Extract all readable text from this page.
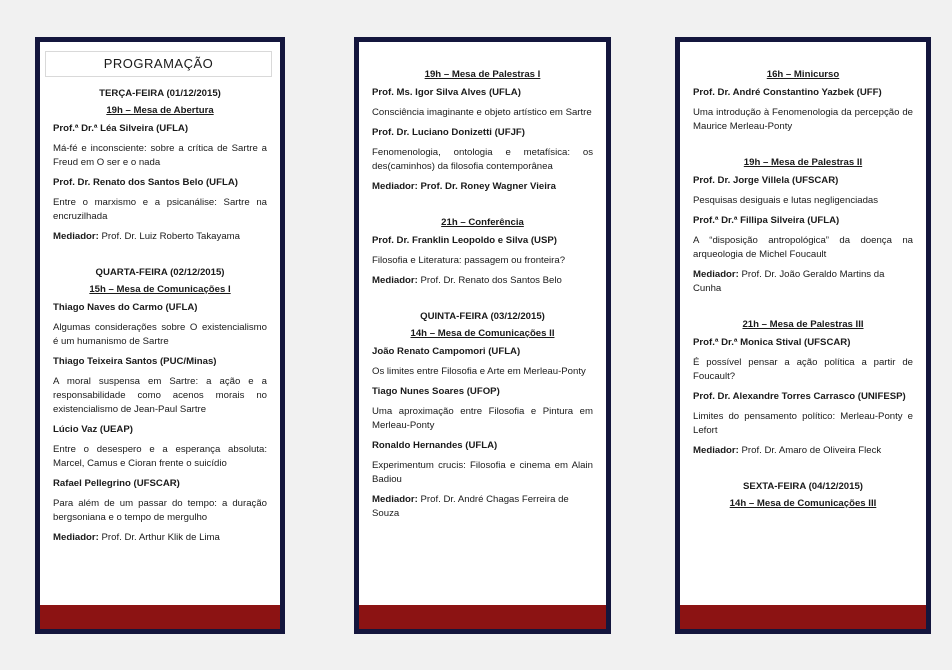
PROGRAMAÇÃO
TERÇA-FEIRA (01/12/2015)
19h – Mesa de Abertura
Prof.ª Dr.ª Léa Silveira (UFLA)
Má-fé e inconsciente: sobre a crítica de Sartre a Freud em O ser e o nada
Prof. Dr. Renato dos Santos Belo (UFLA)
Entre o marxismo e a psicanálise: Sartre na encruzilhada
Mediador: Prof. Dr. Luiz Roberto Takayama
QUARTA-FEIRA (02/12/2015)
15h – Mesa de Comunicações I
Thiago Naves do Carmo (UFLA)
Algumas considerações sobre O existencialismo é um humanismo de Sartre
Thiago Teixeira Santos (PUC/Minas)
A moral suspensa em Sartre: a ação e a responsabilidade como acenos morais no existencialismo de Jean-Paul Sartre
Lúcio Vaz (UEAP)
Entre o desespero e a esperança absoluta: Marcel, Camus e Cioran frente o suicídio
Rafael Pellegrino (UFSCAR)
Para além de um passar do tempo: a duração bergsoniana e o tempo de mergulho
Mediador: Prof. Dr. Arthur Klik de Lima
19h – Mesa de Palestras I
Prof. Ms. Igor Silva Alves (UFLA)
Consciência imaginante e objeto artístico em Sartre
Prof. Dr. Luciano Donizetti (UFJF)
Fenomenologia, ontologia e metafísica: os des(caminhos) da filosofia contemporânea
Mediador: Prof. Dr. Roney Wagner Vieira
21h – Conferência
Prof. Dr. Franklin Leopoldo e Silva (USP)
Filosofia e Literatura: passagem ou fronteira?
Mediador: Prof. Dr. Renato dos Santos Belo
QUINTA-FEIRA (03/12/2015)
14h – Mesa de Comunicações II
João Renato Campomori (UFLA)
Os limites entre Filosofia e Arte em Merleau-Ponty
Tiago Nunes Soares (UFOP)
Uma aproximação entre Filosofia e Pintura em Merleau-Ponty
Ronaldo Hernandes (UFLA)
Experimentum crucis: Filosofia e cinema em Alain Badiou
Mediador: Prof. Dr. André Chagas Ferreira de Souza
16h – Minicurso
Prof. Dr. André Constantino Yazbek (UFF)
Uma introdução à Fenomenologia da percepção de Maurice Merleau-Ponty
19h – Mesa de Palestras II
Prof. Dr. Jorge Villela (UFSCAR)
Pesquisas desiguais e lutas negligenciadas
Prof.ª Dr.ª Fillipa Silveira (UFLA)
A “disposição antropológica” da doença na arqueologia de Michel Foucault
Mediador: Prof. Dr. João Geraldo Martins da Cunha
21h – Mesa de Palestras III
Prof.ª Dr.ª Monica Stival (UFSCAR)
É possível pensar a ação política a partir de Foucault?
Prof. Dr. Alexandre Torres Carrasco (UNIFESP)
Limites do pensamento político: Merleau-Ponty e Lefort
Mediador: Prof. Dr. Amaro de Oliveira Fleck
SEXTA-FEIRA (04/12/2015)
14h – Mesa de Comunicações III
